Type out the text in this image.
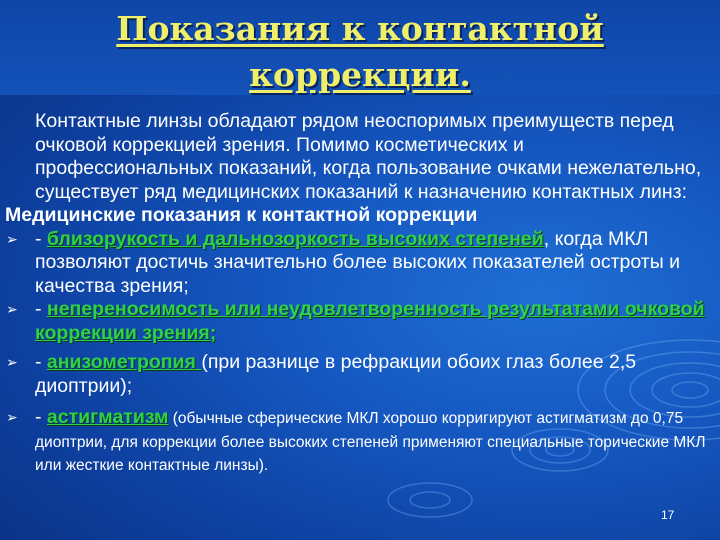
Показания к контактной коррекции.
Контактные линзы обладают рядом неоспоримых преимуществ перед очковой коррекцией зрения. Помимо косметических и профессиональных показаний, когда пользование очками нежелательно, существует ряд медицинских показаний к назначению контактных линз:
Медицинские показания к контактной коррекции
➢ - близорукость и дальнозоркость высоких степеней, когда МКЛ позволяют достичь значительно более высоких показателей остроты и качества зрения;
➢ - непереносимость или неудовлетворенность результатами очковой коррекции зрения;
➢ - анизометропия (при разнице в рефракции обоих глаз более 2,5 диоптрии);
➢ - астигматизм (обычные сферические МКЛ хорошо корригируют астигматизм до 0,75 диоптрии, для коррекции более высоких степеней применяют специальные торические МКЛ или жесткие контактные линзы).
17
